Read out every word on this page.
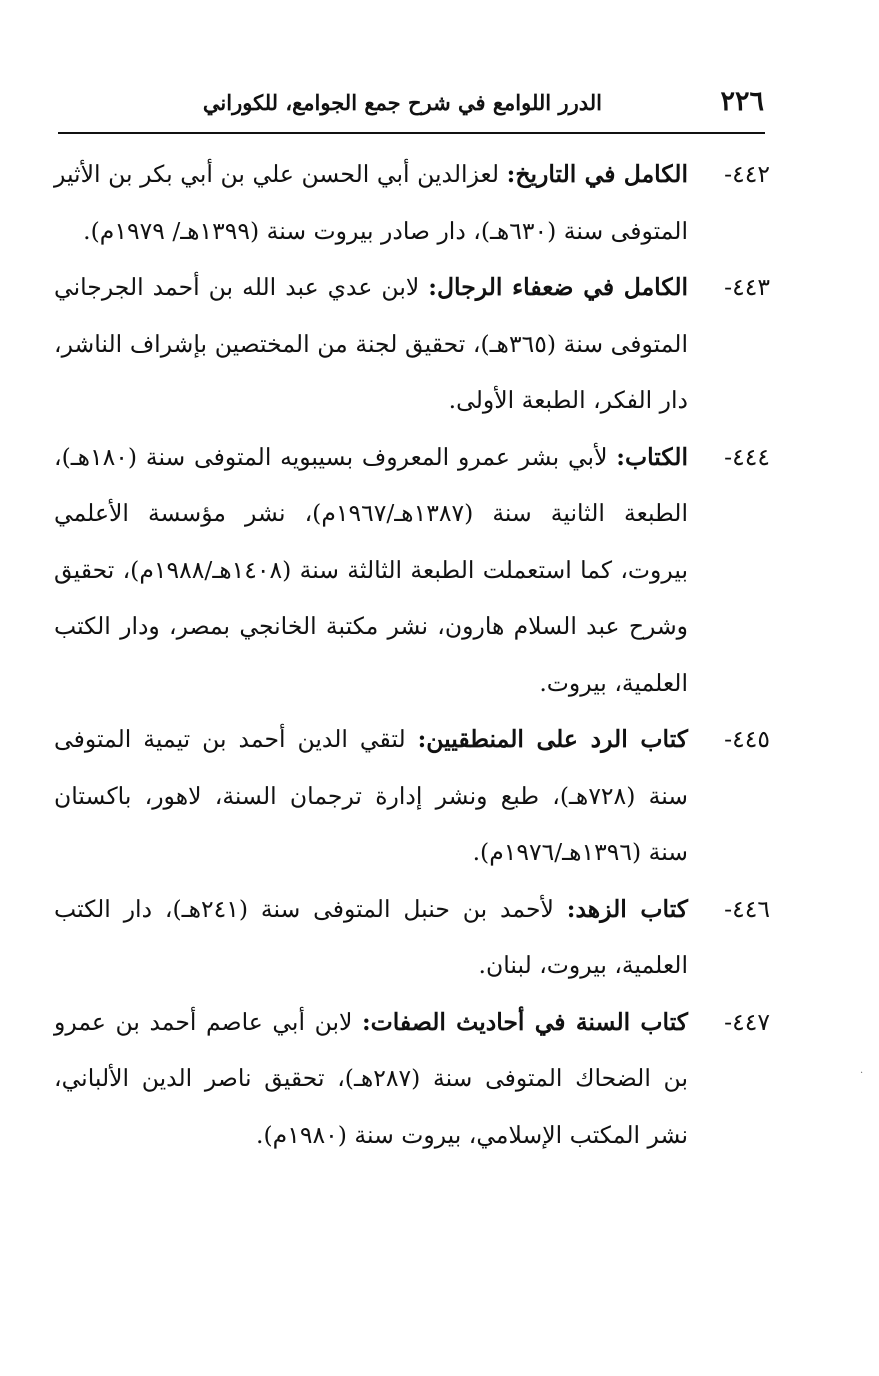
٢٢٦
الدرر اللوامع في شرح جمع الجوامع، للكوراني
٤٤٢-
الكامل في التاريخ: لعزالدين أبي الحسن علي بن أبي بكر بن الأثير المتوفى سنة (٦٣٠هـ)، دار صادر بيروت سنة (١٣٩٩هـ/ ١٩٧٩م).
٤٤٣-
الكامل في ضعفاء الرجال: لابن عدي عبد الله بن أحمد الجرجاني المتوفى سنة (٣٦٥هـ)، تحقيق لجنة من المختصين بإشراف الناشر، دار الفكر، الطبعة الأولى.
٤٤٤-
الكتاب: لأبي بشر عمرو المعروف بسيبويه المتوفى سنة (١٨٠هـ)، الطبعة الثانية سنة (١٣٨٧هـ/١٩٦٧م)، نشر مؤسسة الأعلمي بيروت، كما استعملت الطبعة الثالثة سنة (١٤٠٨هـ/١٩٨٨م)، تحقيق وشرح عبد السلام هارون، نشر مكتبة الخانجي بمصر، ودار الكتب العلمية، بيروت.
٤٤٥-
كتاب الرد على المنطقيين: لتقي الدين أحمد بن تيمية المتوفى سنة (٧٢٨هـ)، طبع ونشر إدارة ترجمان السنة، لاهور، باكستان سنة (١٣٩٦هـ/١٩٧٦م).
٤٤٦-
كتاب الزهد: لأحمد بن حنبل المتوفى سنة (٢٤١هـ)، دار الكتب العلمية، بيروت، لبنان.
٤٤٧-
كتاب السنة في أحاديث الصفات: لابن أبي عاصم أحمد بن عمرو بن الضحاك المتوفى سنة (٢٨٧هـ)، تحقيق ناصر الدين الألباني، نشر المكتب الإسلامي، بيروت سنة (١٩٨٠م).
·
